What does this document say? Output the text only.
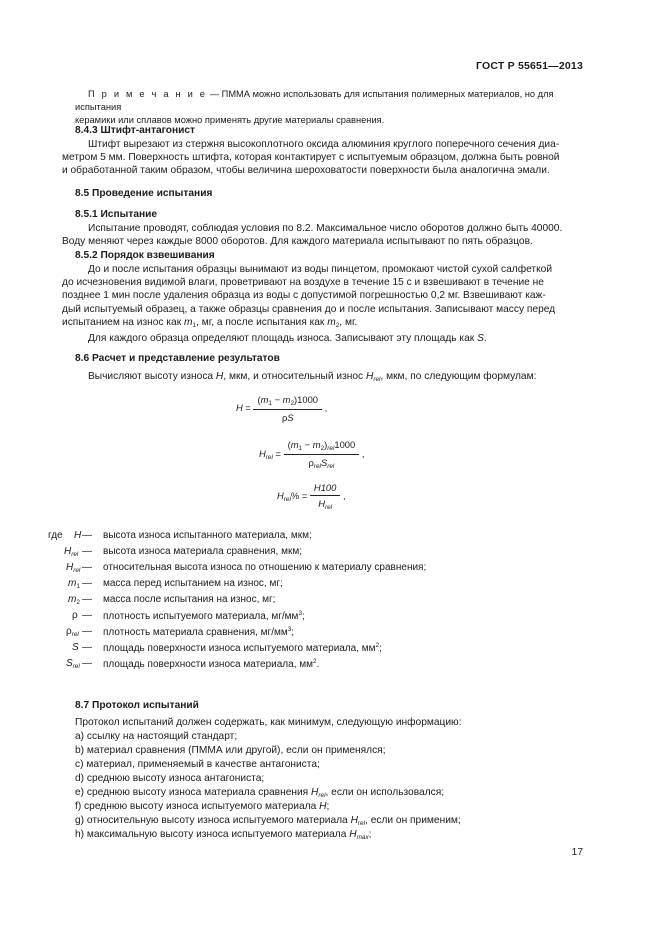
ГОСТ Р 55651—2013
П р и м е ч а н и е — ПММА можно использовать для испытания полимерных материалов, но для испытания
керамики или сплавов можно применять другие материалы сравнения.
8.4.3 Штифт-антагонист
Штифт вырезают из стержня высокоплотного оксида алюминия круглого поперечного сечения диа-
метром 5 мм. Поверхность штифта, которая контактирует с испытуемым образцом, должна быть ровной
и обработанной таким образом, чтобы величина шероховатости поверхности была аналогична эмали.
8.5 Проведение испытания
8.5.1 Испытание
Испытание проводят, соблюдая условия по 8.2. Максимальное число оборотов должно быть 40000.
Воду меняют через каждые 8000 оборотов. Для каждого материала испытывают по пять образцов.
8.5.2 Порядок взвешивания
До и после испытания образцы вынимают из воды пинцетом, промокают чистой сухой салфеткой
до исчезновения видимой влаги, проветривают на воздухе в течение 15 с и взвешивают в течение не
позднее 1 мин после удаления образца из воды с допустимой погрешностью 0,2 мг. Взвешивают каж-
дый испытуемый образец, а также образцы сравнения до и после испытания. Записывают массу перед
испытанием на износ как $m_1$, мг, а после испытания как $m_2$, мг.
Для каждого образца определяют площадь износа. Записывают эту площадь как S.
8.6 Расчет и представление результатов
Вычисляют высоту износа H, мкм, и относительный износ $H_{rel}$, мкм, по следующим формулам:
$H = \frac{(m_1 - m_2)1000}{\rho S}$ ,
$H_{rel} = \frac{(m_1 - m_2)_{rel}1000}{\rho_{rel}S_{rel}}$ ,
$H_{rel}\% = \frac{H100}{H_{rel}}$ ,
где H — высота износа испытанного материала, мкм;
$H_{rel}$ — высота износа материала сравнения, мкм;
$H_{rel}$ — относительная высота износа по отношению к материалу сравнения;
$m_1$ — масса перед испытанием на износ, мг;
$m_2$ — масса после испытания на износ, мг;
ρ — плотность испытуемого материала, $мг/мм^3$;
$\rho_{rel}$ — плотность материала сравнения, $мг/мм^3$;
S — площадь поверхности износа испытуемого материала, $мм^2$;
$S_{rel}$ — площадь поверхности износа материала, $мм^2$.
8.7 Протокол испытаний
Протокол испытаний должен содержать, как минимум, следующую информацию:
a) ссылку на настоящий стандарт;
b) материал сравнения (ПММА или другой), если он применялся;
c) материал, применяемый в качестве антагониста;
d) среднюю высоту износа антагониста;
e) среднюю высоту износа материала сравнения $H_{rel}$, если он использовался;
f) среднюю высоту износа испытуемого материала H;
g) относительную высоту износа испытуемого материала $H_{rel}$, если он применим;
h) максимальную высоту износа испытуемого материала $H_{max}$;
17
